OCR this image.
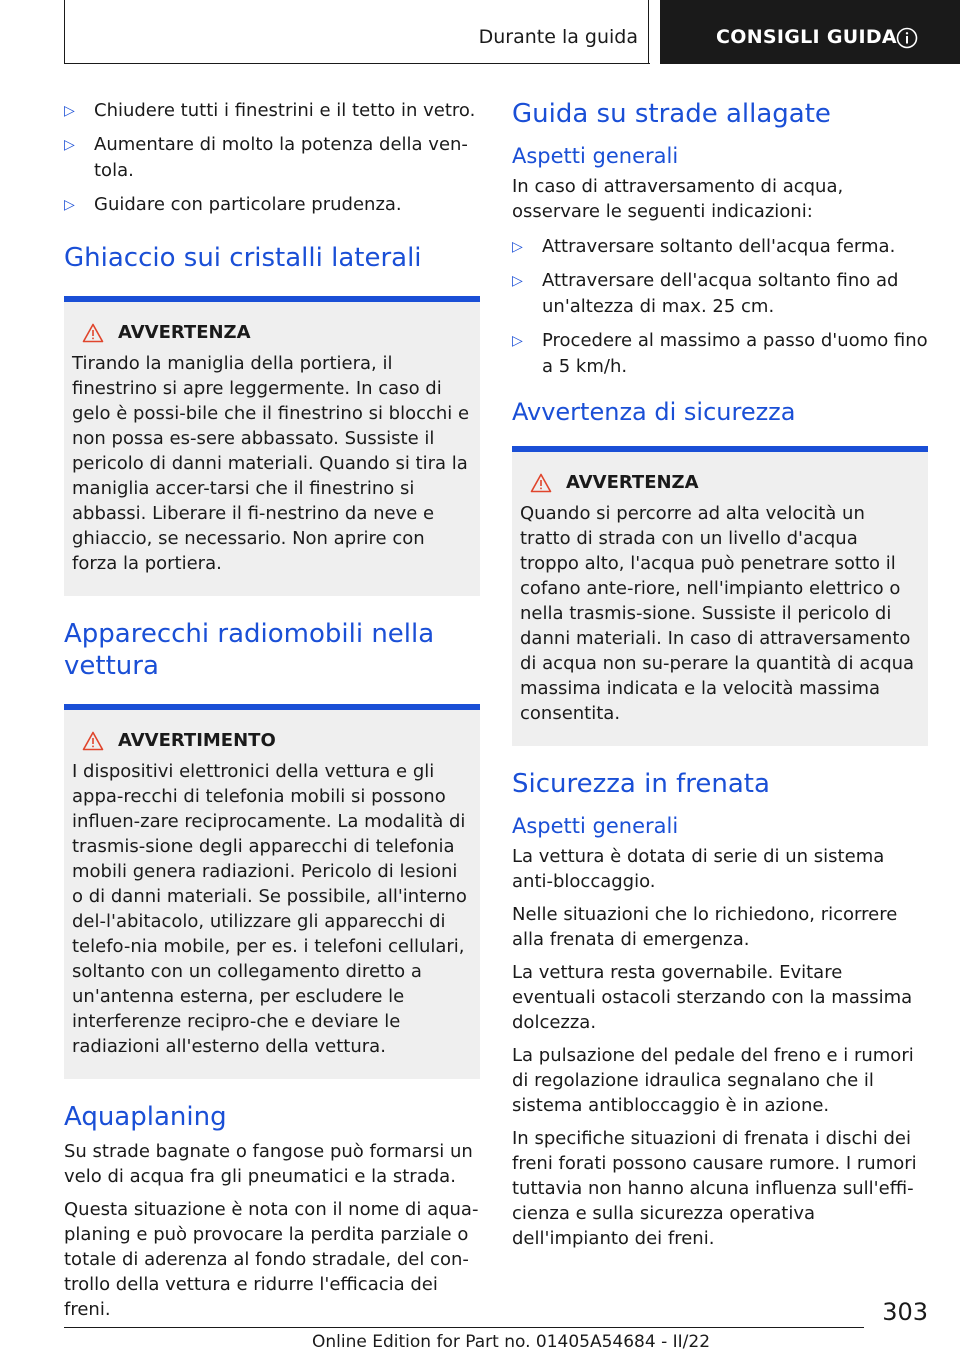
Durante la guida	CONSIGLI GUIDA
▷	Chiudere tutti i finestrini e il tetto in vetro.
▷	Aumentare di molto la potenza della ven-tola.
▷	Guidare con particolare prudenza.
Ghiaccio sui cristalli laterali
AVVERTENZA
Tirando la maniglia della portiera, il finestrino si apre leggermente. In caso di gelo è possi-bile che il finestrino si blocchi e non possa es-sere abbassato. Sussiste il pericolo di danni materiali. Quando si tira la maniglia accer-tarsi che il finestrino si abbassi. Liberare il fi-nestrino da neve e ghiaccio, se necessario. Non aprire con forza la portiera.
Apparecchi radiomobili nella vettura
AVVERTIMENTO
I dispositivi elettronici della vettura e gli appa-recchi di telefonia mobili si possono influen-zare reciprocamente. La modalità di trasmis-sione degli apparecchi di telefonia mobili genera radiazioni. Pericolo di lesioni o di danni materiali. Se possibile, all'interno del-l'abitacolo, utilizzare gli apparecchi di telefo-nia mobile, per es. i telefoni cellulari, soltanto con un collegamento diretto a un'antenna esterna, per escludere le interferenze recipro-che e deviare le radiazioni all'esterno della vettura.
Aquaplaning

Su strade bagnate o fangose può formarsi un velo di acqua fra gli pneumatici e la strada.

Questa situazione è nota con il nome di aqua-planing e può provocare la perdita parziale o totale di aderenza al fondo stradale, del con-trollo della vettura e ridurre l'efficacia dei freni.

Guida su strade allagate
Aspetti generali

In caso di attraversamento di acqua, osservare le seguenti indicazioni:

▷	Attraversare soltanto dell'acqua ferma.
▷	Attraversare dell'acqua soltanto fino ad un'altezza di max. 25 cm.
▷	Procedere al massimo a passo d'uomo fino a 5 km/h.
Avvertenza di sicurezza
AVVERTENZA
Quando si percorre ad alta velocità un tratto di strada con un livello d'acqua troppo alto, l'acqua può penetrare sotto il cofano ante-riore, nell'impianto elettrico o nella trasmis-sione. Sussiste il pericolo di danni materiali. In caso di attraversamento di acqua non su-perare la quantità di acqua massima indicata e la velocità massima consentita.
Sicurezza in frenata
Aspetti generali

La vettura è dotata di serie di un sistema anti-bloccaggio.

Nelle situazioni che lo richiedono, ricorrere alla frenata di emergenza.

La vettura resta governabile. Evitare eventuali ostacoli sterzando con la massima dolcezza.

La pulsazione del pedale del freno e i rumori di regolazione idraulica segnalano che il sistema antibloccaggio è in azione.

In specifiche situazioni di frenata i dischi dei freni forati possono causare rumore. I rumori tuttavia non hanno alcuna influenza sull'effi-cienza e sulla sicurezza operativa dell'impianto dei freni.

303
Online Edition for Part no. 01405A54684 - II/22
